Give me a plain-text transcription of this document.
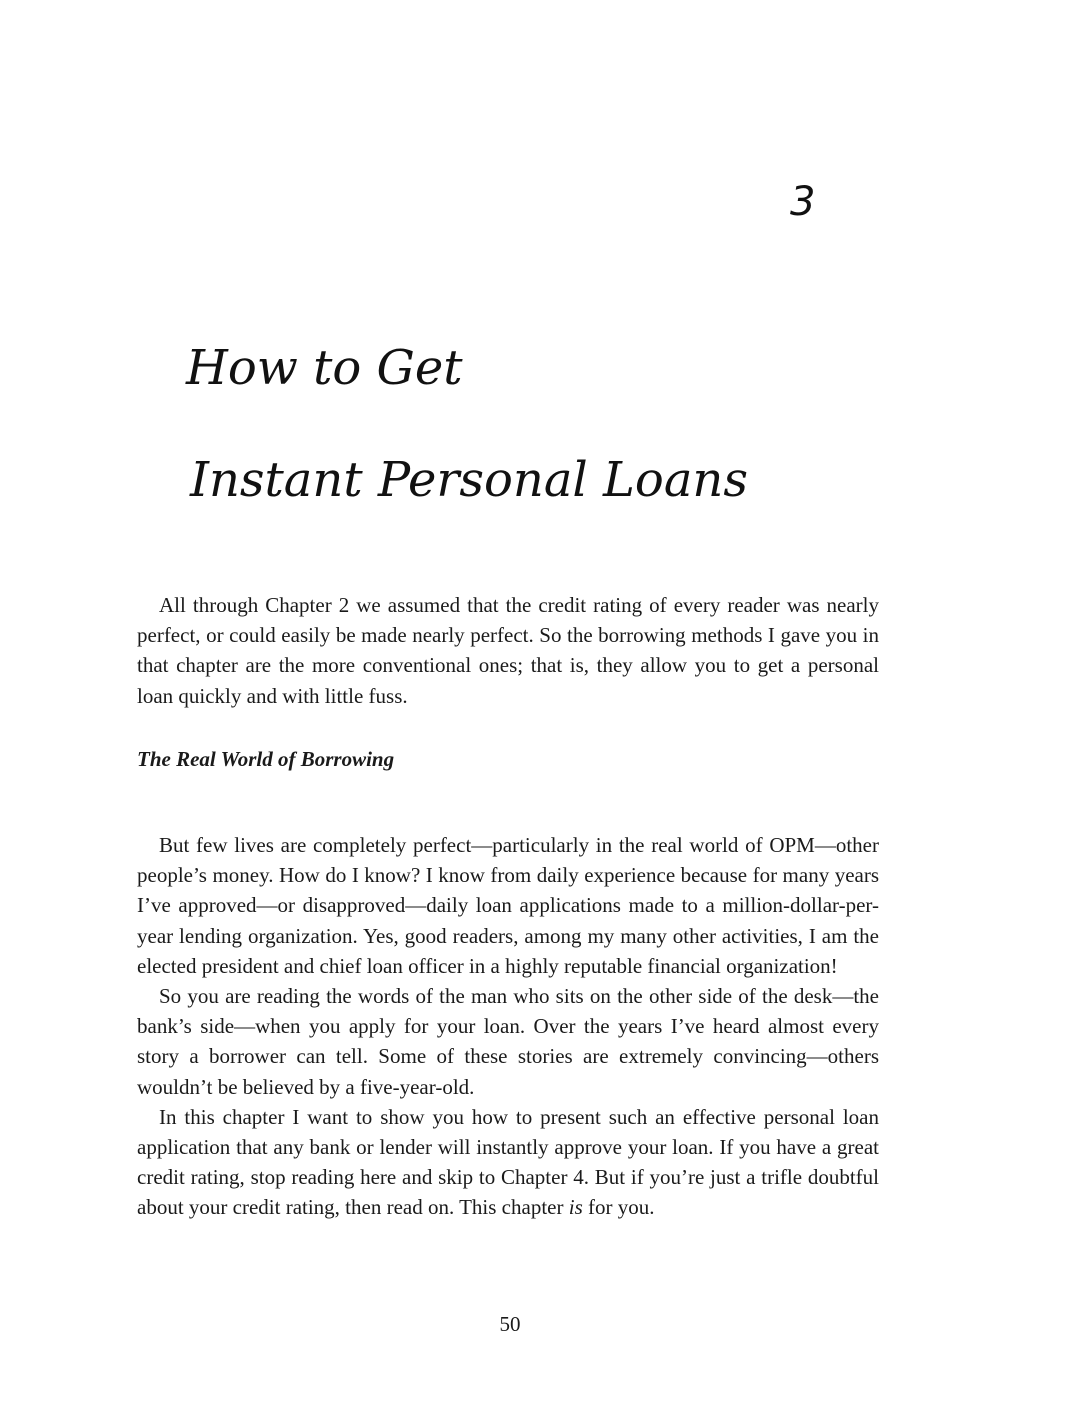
3
How to Get
Instant Personal Loans

All through Chapter 2 we assumed that the credit rating of every reader was nearly perfect, or could easily be made nearly perfect. So the borrowing methods I gave you in that chapter are the more conventional ones; that is, they allow you to get a personal loan quickly and with little fuss.

The Real World of Borrowing

But few lives are completely perfect—particularly in the real world of OPM—other people’s money. How do I know? I know from daily experience because for many years I’ve approved—or disapproved—daily loan applications made to a million-dollar-per-year lending organization. Yes, good readers, among my many other activities, I am the elected president and chief loan officer in a highly reputable financial organization!

So you are reading the words of the man who sits on the other side of the desk—the bank’s side—when you apply for your loan. Over the years I’ve heard almost every story a borrower can tell. Some of these stories are extremely convincing—others wouldn’t be believed by a five-year-old.

In this chapter I want to show you how to present such an effective personal loan application that any bank or lender will instantly approve your loan. If you have a great credit rating, stop reading here and skip to Chapter 4. But if you’re just a trifle doubtful about your credit rating, then read on. This chapter is for you.

50
